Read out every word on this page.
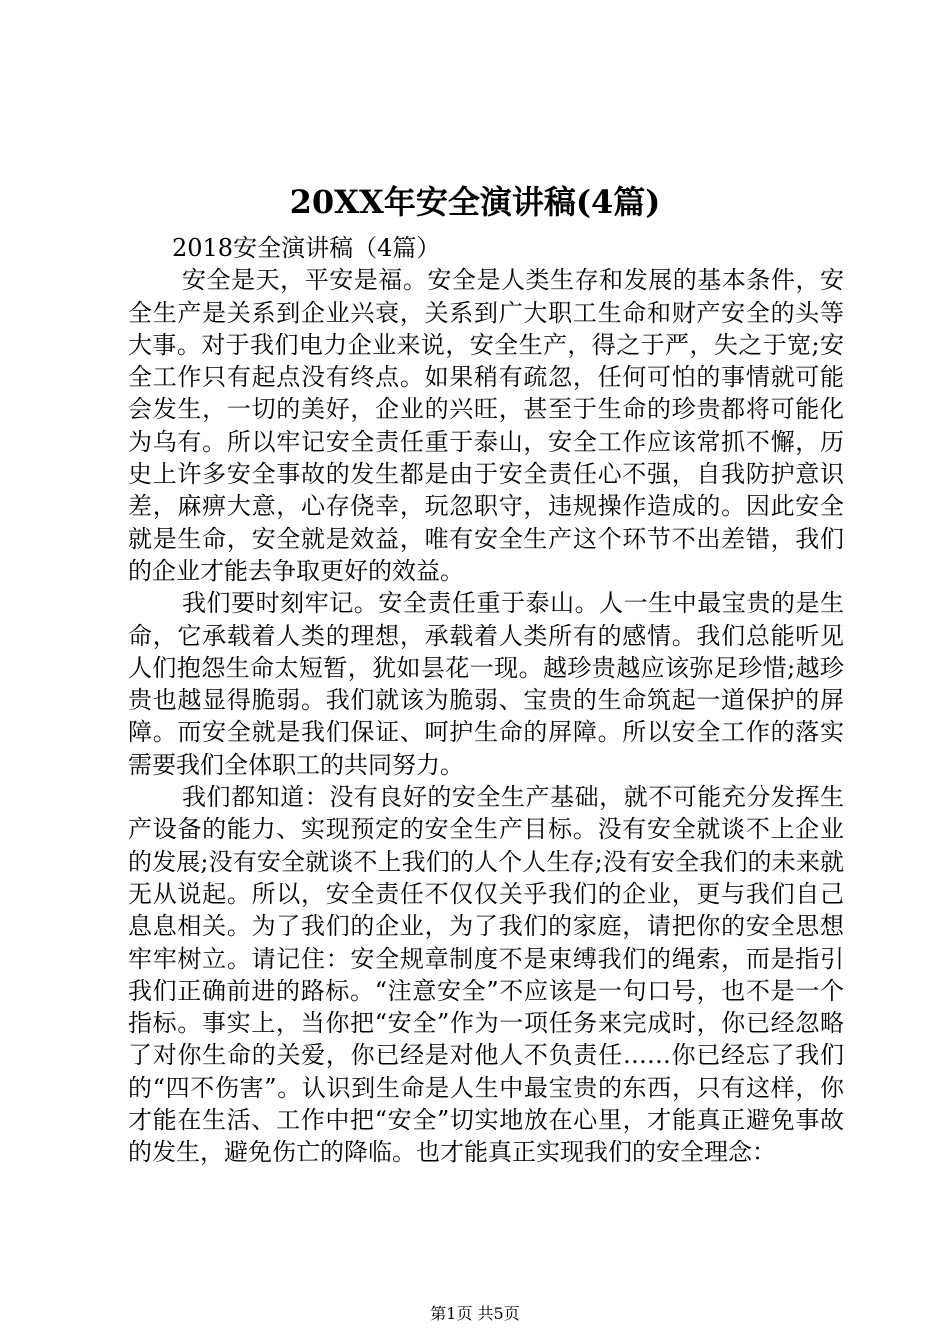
20XX年安全演讲稿(4篇)

2018安全演讲稿（4篇）

安全是天，平安是福。安全是人类生存和发展的基本条件，安全生产是关系到企业兴衰，关系到广大职工生命和财产安全的头等大事。对于我们电力企业来说，安全生产，得之于严，失之于宽;安全工作只有起点没有终点。如果稍有疏忽，任何可怕的事情就可能会发生，一切的美好，企业的兴旺，甚至于生命的珍贵都将可能化为乌有。所以牢记安全责任重于泰山，安全工作应该常抓不懈，历史上许多安全事故的发生都是由于安全责任心不强，自我防护意识差，麻痹大意，心存侥幸，玩忽职守，违规操作造成的。因此安全就是生命，安全就是效益，唯有安全生产这个环节不出差错，我们的企业才能去争取更好的效益。

我们要时刻牢记。安全责任重于泰山。人一生中最宝贵的是生命，它承载着人类的理想，承载着人类所有的感情。我们总能听见人们抱怨生命太短暂，犹如昙花一现。越珍贵越应该弥足珍惜;越珍贵也越显得脆弱。我们就该为脆弱、宝贵的生命筑起一道保护的屏障。而安全就是我们保证、呵护生命的屏障。所以安全工作的落实需要我们全体职工的共同努力。

我们都知道：没有良好的安全生产基础，就不可能充分发挥生产设备的能力、实现预定的安全生产目标。没有安全就谈不上企业的发展;没有安全就谈不上我们的人个人生存;没有安全我们的未来就无从说起。所以，安全责任不仅仅关乎我们的企业，更与我们自己息息相关。为了我们的企业，为了我们的家庭，请把你的安全思想牢牢树立。请记住：安全规章制度不是束缚我们的绳索，而是指引我们正确前进的路标。“注意安全”不应该是一句口号，也不是一个指标。事实上，当你把“安全”作为一项任务来完成时，你已经忽略了对你生命的关爱，你已经是对他人不负责任……你已经忘了我们的“四不伤害”。认识到生命是人生中最宝贵的东西，只有这样，你才能在生活、工作中把“安全”切实地放在心里，才能真正避免事故的发生，避免伤亡的降临。也才能真正实现我们的安全理念：

第1页 共5页
